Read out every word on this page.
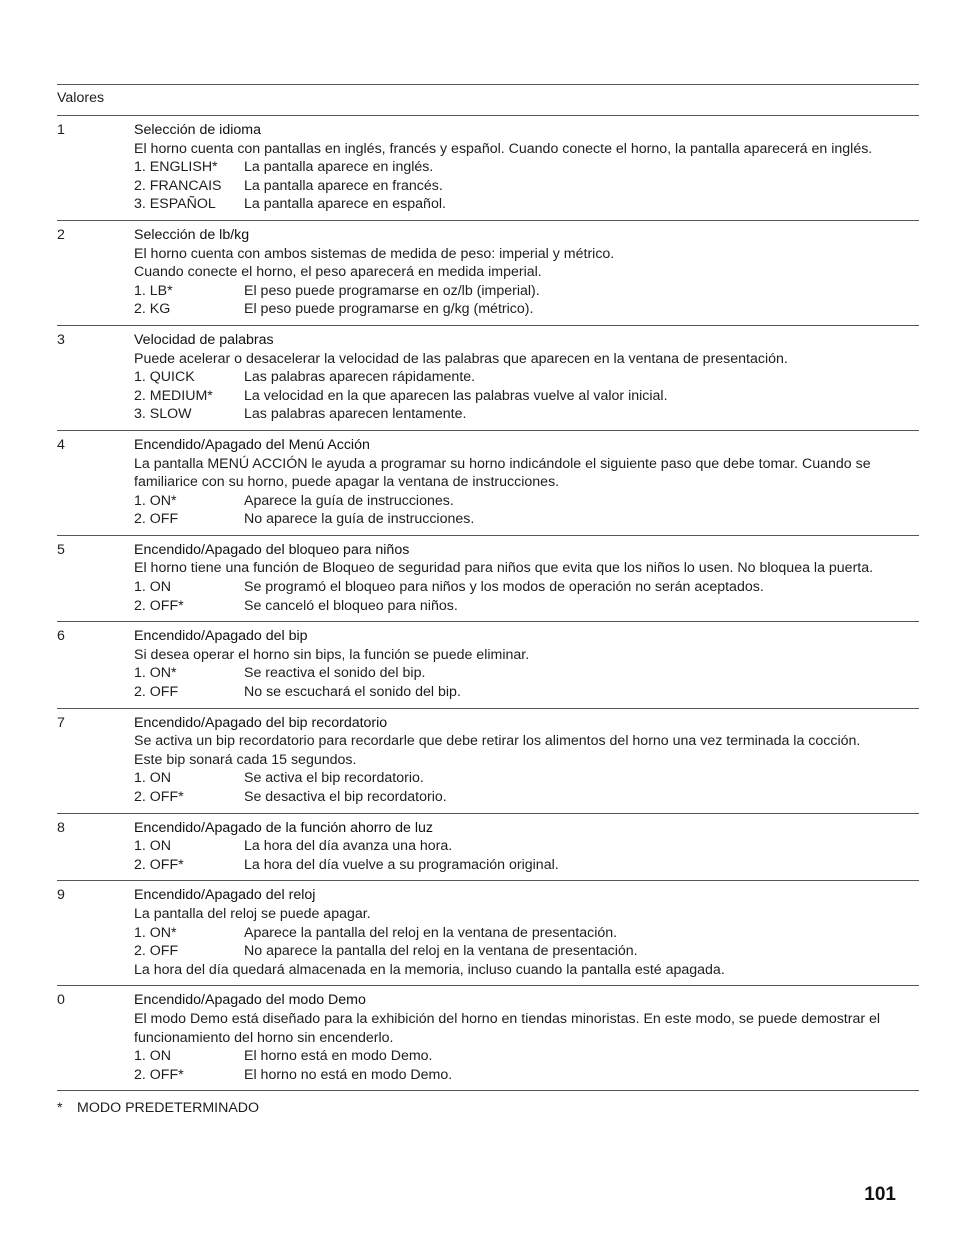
Valores
1	Selección de idioma
El horno cuenta con pantallas en inglés, francés y español. Cuando conecte el horno, la pantalla aparecerá en inglés.
1. ENGLISH*	La pantalla aparece en inglés.
2. FRANCAIS	La pantalla aparece en francés.
3. ESPAÑOL	La pantalla aparece en español.
2	Selección de lb/kg
El horno cuenta con ambos sistemas de medida de peso: imperial y métrico.
Cuando conecte el horno, el peso aparecerá en medida imperial.
1. LB*	El peso puede programarse en oz/lb (imperial).
2. KG	El peso puede programarse en g/kg (métrico).
3	Velocidad de palabras
Puede acelerar o desacelerar la velocidad de las palabras que aparecen en la ventana de presentación.
1. QUICK	Las palabras aparecen rápidamente.
2. MEDIUM*	La velocidad en la que aparecen las palabras vuelve al valor inicial.
3. SLOW	Las palabras aparecen lentamente.
4	Encendido/Apagado del Menú Acción
La pantalla MENÚ ACCIÓN le ayuda a programar su horno indicándole el siguiente paso que debe tomar. Cuando se familiarice con su horno, puede apagar la ventana de instrucciones.
1. ON*	Aparece la guía de instrucciones.
2. OFF	No aparece la guía de instrucciones.
5	Encendido/Apagado del bloqueo para niños
El horno tiene una función de Bloqueo de seguridad para niños que evita que los niños lo usen. No bloquea la puerta.
1. ON	Se programó el bloqueo para niños y los modos de operación no serán aceptados.
2. OFF*	Se canceló el bloqueo para niños.
6	Encendido/Apagado del bip
Si desea operar el horno sin bips, la función se puede eliminar.
1. ON*	Se reactiva el sonido del bip.
2. OFF	No se escuchará el sonido del bip.
7	Encendido/Apagado del bip recordatorio
Se activa un bip recordatorio para recordarle que debe retirar los alimentos del horno una vez terminada la cocción.
Este bip sonará cada 15 segundos.
1. ON	Se activa el bip recordatorio.
2. OFF*	Se desactiva el bip recordatorio.
8	Encendido/Apagado de la función ahorro de luz
1. ON	La hora del día avanza una hora.
2. OFF*	La hora del día vuelve a su programación original.
9	Encendido/Apagado del reloj
La pantalla del reloj se puede apagar.
1. ON*	Aparece la pantalla del reloj en la ventana de presentación.
2. OFF	No aparece la pantalla del reloj en la ventana de presentación.
La hora del día quedará almacenada en la memoria, incluso cuando la pantalla esté apagada.
0	Encendido/Apagado del modo Demo
El modo Demo está diseñado para la exhibición del horno en tiendas minoristas. En este modo, se puede demostrar el funcionamiento del horno sin encenderlo.
1. ON	El horno está en modo Demo.
2. OFF*	El horno no está en modo Demo.
* MODO PREDETERMINADO
101
